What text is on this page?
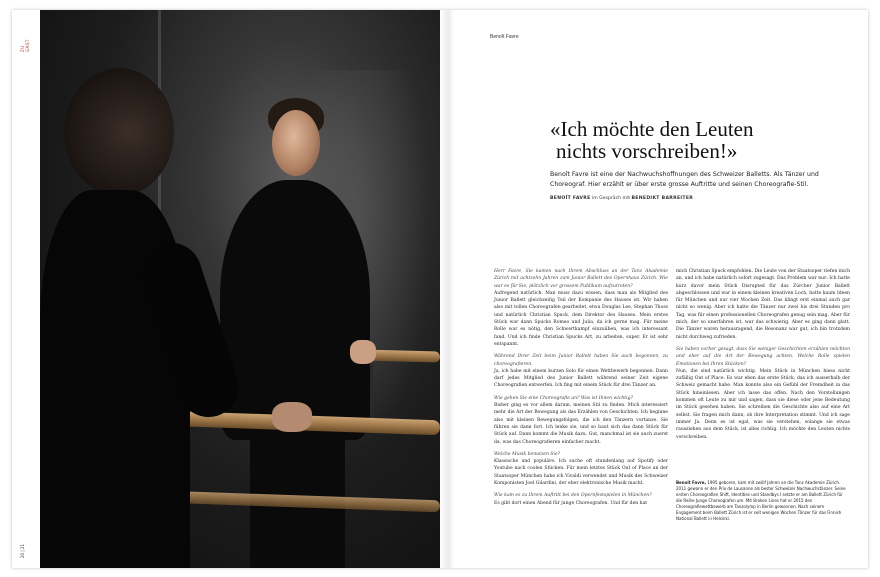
ZU GAST
20 | 21
Benoît Favre
«Ich möchte den Leuten
nichts vorschreiben!»
Benoît Favre ist eine der Nachwuchshoffnungen des Schweizer Balletts. Als Tänzer und Choreograf. Hier erzählt er über erste grosse Auftritte und seinen Choreografie-Stil.
BENOÎT FAVRE im Gespräch mit BENEDIKT BARREITER

Herr Favre, Sie kamen nach Ihrem Abschluss an der Tanz Akademie Zürich mit achtzehn Jahren zum Junior Ballett des Opernhaus Zürich. Wie war es für Sie, plötzlich vor grossem Publikum aufzutreten?
Aufregend natürlich. Man muss dazu wissen, dass man als Mitglied des Junior Ballett gleichzeitig Teil der Kompanie des Hauses ist. Wir haben also mit tollen Choreografen gearbeitet, etwa Douglas Lee, Stephan Thoss und natürlich Christian Spuck, dem Direktor des Hauses. Mein erstes Stück war dann Spucks Romeo und Julia, da ich gerne mag. Für meine Rolle war es nötig, den Schwertkampf einzuüben, was ich interessant fand. Und ich finde Christian Spucks Art, zu arbeiten, super. Er ist sehr entspannt.

Während Ihrer Zeit beim Junior Ballett haben Sie auch begonnen, zu choreografieren.
Ja, ich habe mit einem kurzen Solo für einen Wettbewerb begonnen. Dann darf jedes Mitglied des Junior Ballett während seiner Zeit eigene Choreografien entwerfen. Ich fing mit einem Stück für drei Tänzer an.

Wie gehen Sie eine Choreografie an? Was ist Ihnen wichtig?
Bisher ging es vor allem darum, meinen Stil zu finden. Mich interessiert mehr die Art der Bewegung als das Erzählen von Geschichten. Ich beginne also mit kleinen Bewegungsfolgen, die ich den Tänzern vortanze. Sie führen sie dann fort. Ich lenke sie, und so baut sich das dann Stück für Stück auf. Dann kommt die Musik dazu. Gut, manchmal ist sie auch zuerst da, was das Choreografieren einfacher macht.

Welche Musik benutzen Sie?
Klassische und populäre. Ich suche oft stundenlang auf Spotify oder Youtube nach coolen Stücken. Für mein letztes Stück Out of Place an der Staatsoper München habe ich Vivaldi verwendet und Musik des Schweizer Komponisten Joel Gilardini, der eher elektronische Musik macht.

Wie kam es zu Ihrem Auftritt bei den Opernfestspielen in München?
Es gibt dort einen Abend für junge Choreografen. Und für den hat

mich Christian Spuck empfohlen. Die Leute von der Staatsoper riefen mich an, und ich habe natürlich sofort zugesagt. Das Problem war nur: Ich hatte kurz davor mein Stück Disrupted für das Zürcher Junior Ballett abgeschlossen und war in einem kleinen kreativen Loch, hatte kaum Ideen für München und nur vier Wochen Zeit. Das klingt erst einmal auch gar nicht so wenig. Aber ich hatte die Tänzer nur zwei bis drei Stunden pro Tag, was für einen professionellen Choreografen genug sein mag. Aber für mich, der so unerfahren ist, war das schwierig. Aber es ging dann glatt. Die Tänzer waren herausragend, die Resonanz war gut, ich bin trotzdem nicht durchweg zufrieden.

Sie haben vorher gesagt, dass Sie weniger Geschichten erzählen möchten und eher auf die Art der Bewegung achten. Welche Rolle spielen Emotionen bei Ihren Stücken?
Nun, die sind natürlich wichtig. Mein Stück in München hiess nicht zufällig Out of Place. Es war eben das erste Stück, das ich ausserhalb der Schweiz gemacht habe. Man konnte also ein Gefühl der Fremdheit in das Stück hineinlesen. Aber ich lasse das offen. Nach den Vorstellungen kommen oft Leute zu mir und sagen, dass sie diese oder jene Bedeutung im Stück gesehen haben. Sie schreiben die Geschichte also auf eine Art selbst. Sie fragen mich dann, ob ihre Interpretation stimmt. Und ich sage immer Ja. Denn es ist egal, was sie verstehen, solange sie etwas rausziehen aus dem Stück, ist alles richtig. Ich möchte den Leuten nichts vorschreiben.

Benoît Favre, 1995 geboren, kam mit zwölf Jahren an die Tanz Akademie Zürich. 2011 gewann er den Prix de Lausanne als bester Schweizer Nachwuchstänzer. Seine ersten Choreografien Shift, Identities und Standbys I setzte er am Ballett Zürich für die Reihe Junge Choreografen um. Mit Broken Lines hat er 2015 den Choreografiewettbewerb am Tanzolymp in Berlin gewonnen. Nach seinem Engagement beim Ballett Zürich ist er seit wenigen Wochen Tänzer für das Finnish National Ballett in Helsinki.
